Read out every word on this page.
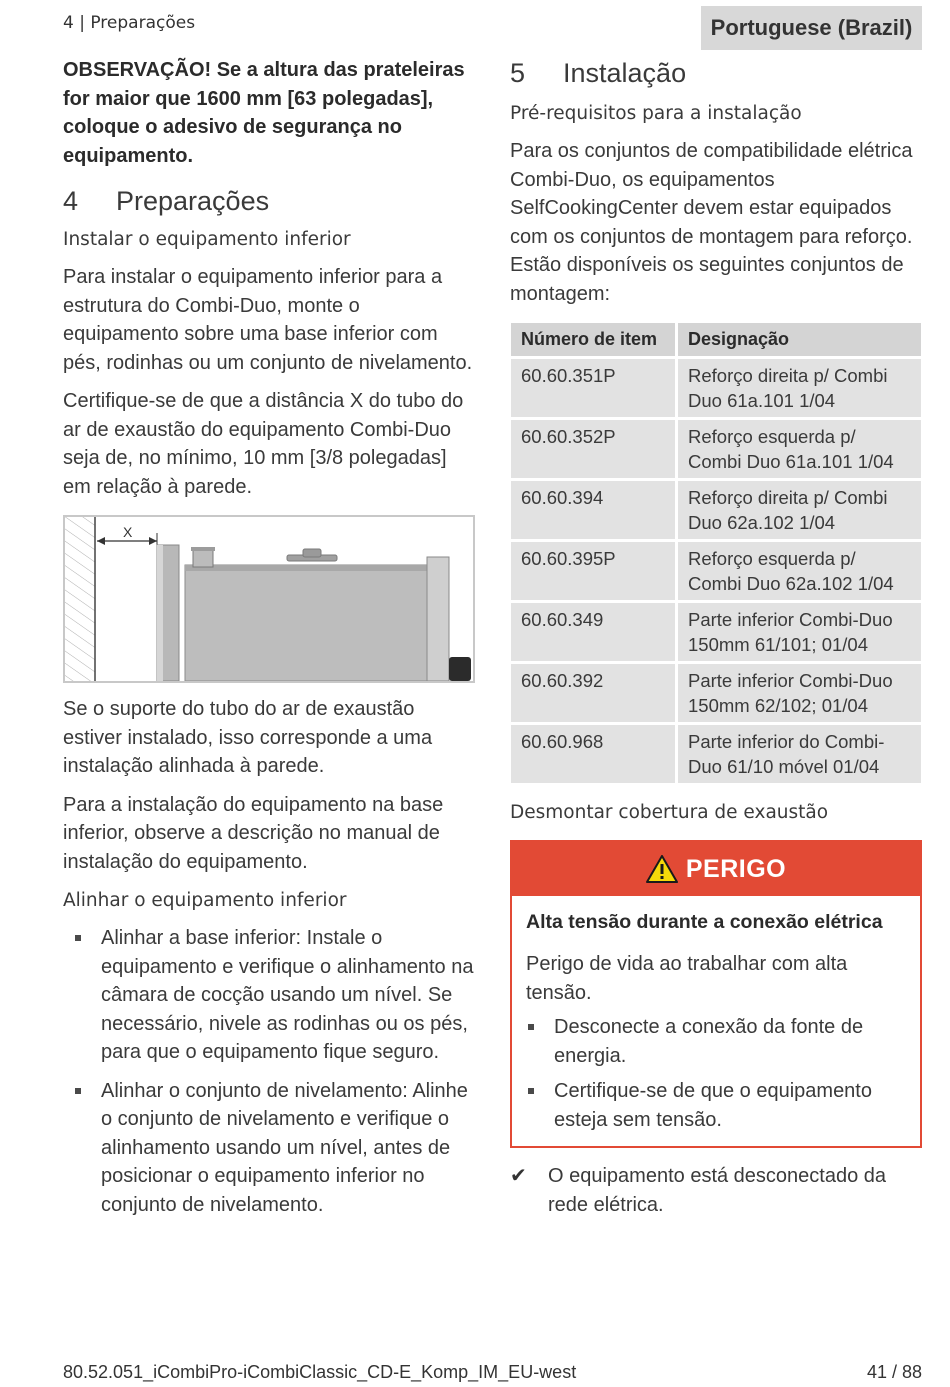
4 | Preparações	Portuguese (Brazil)
OBSERVAÇÃO! Se a altura das prateleiras for maior que 1600 mm [63 polegadas], coloque o adesivo de segurança no equipamento.
4	Preparações
Instalar o equipamento inferior
Para instalar o equipamento inferior para a estrutura do Combi-Duo, monte o equipamento sobre uma base inferior com pés, rodinhas ou um conjunto de nivelamento.
Certifique-se de que a distância X do tubo do ar de exaustão do equipamento Combi-Duo seja de, no mínimo, 10 mm [3/8 polegadas] em relação à parede.
X
Se o suporte do tubo do ar de exaustão estiver instalado, isso corresponde a uma instalação alinhada à parede.
Para a instalação do equipamento na base inferior, observe a descrição no manual de instalação do equipamento.
Alinhar o equipamento inferior
Alinhar a base inferior: Instale o equipamento e verifique o alinhamento na câmara de cocção usando um nível. Se necessário, nivele as rodinhas ou os pés, para que o equipamento fique seguro.
Alinhar o conjunto de nivelamento: Alinhe o conjunto de nivelamento e verifique o alinhamento usando um nível, antes de posicionar o equipamento inferior no conjunto de nivelamento.
5	Instalação
Pré-requisitos para a instalação
Para os conjuntos de compatibilidade elétrica Combi-Duo, os equipamentos SelfCookingCenter devem estar equipados com os conjuntos de montagem para reforço.
Estão disponíveis os seguintes conjuntos de montagem:
Número de item	Designação
60.60.351P	Reforço direita p/ Combi Duo 61a.101 1/04
60.60.352P	Reforço esquerda p/ Combi Duo 61a.101 1/04
60.60.394	Reforço direita p/ Combi Duo 62a.102 1/04
60.60.395P	Reforço esquerda p/ Combi Duo 62a.102 1/04
60.60.349	Parte inferior Combi-Duo 150mm 61/101; 01/04
60.60.392	Parte inferior Combi-Duo 150mm 62/102; 01/04
60.60.968	Parte inferior do Combi-Duo 61/10 móvel 01/04
Desmontar cobertura de exaustão
PERIGO
Alta tensão durante a conexão elétrica
Perigo de vida ao trabalhar com alta tensão.
Desconecte a conexão da fonte de energia.
Certifique-se de que o equipamento esteja sem tensão.
✔ O equipamento está desconectado da rede elétrica.
80.52.051_iCombiPro-iCombiClassic_CD-E_Komp_IM_EU-west	41 / 88
